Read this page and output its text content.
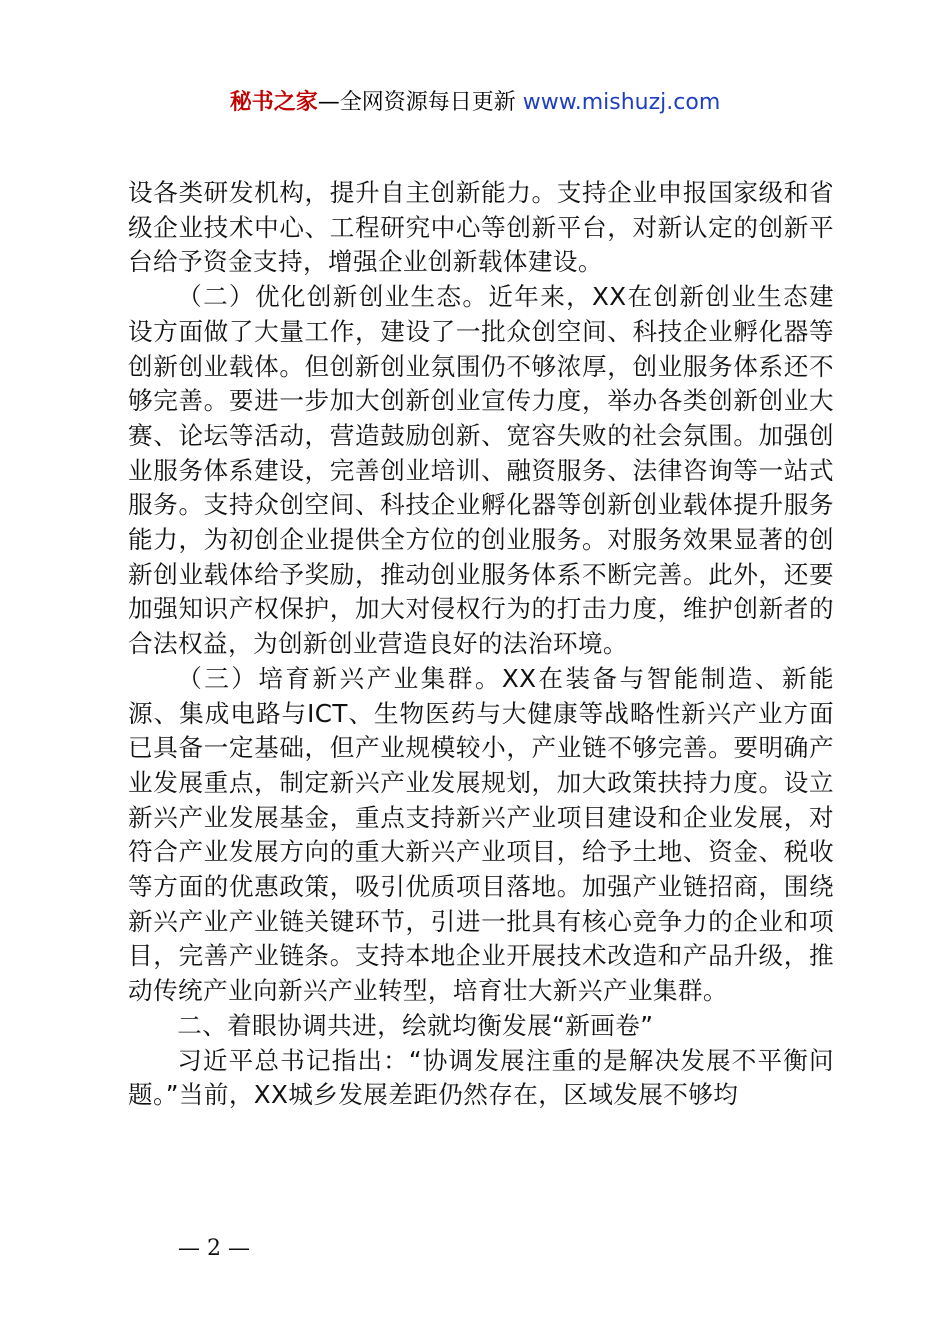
秘书之家—全网资源每日更新 www.mishuzj.com

设各类研发机构，提升自主创新能力。支持企业申报国家级和省级企业技术中心、工程研究中心等创新平台，对新认定的创新平台给予资金支持，增强企业创新载体建设。

（二）优化创新创业生态。近年来，XX在创新创业生态建设方面做了大量工作，建设了一批众创空间、科技企业孵化器等创新创业载体。但创新创业氛围仍不够浓厚，创业服务体系还不够完善。要进一步加大创新创业宣传力度，举办各类创新创业大赛、论坛等活动，营造鼓励创新、宽容失败的社会氛围。加强创业服务体系建设，完善创业培训、融资服务、法律咨询等一站式服务。支持众创空间、科技企业孵化器等创新创业载体提升服务能力，为初创企业提供全方位的创业服务。对服务效果显著的创新创业载体给予奖励，推动创业服务体系不断完善。此外，还要加强知识产权保护，加大对侵权行为的打击力度，维护创新者的合法权益，为创新创业营造良好的法治环境。

（三）培育新兴产业集群。XX在装备与智能制造、新能源、集成电路与ICT、生物医药与大健康等战略性新兴产业方面已具备一定基础，但产业规模较小，产业链不够完善。要明确产业发展重点，制定新兴产业发展规划，加大政策扶持力度。设立新兴产业发展基金，重点支持新兴产业项目建设和企业发展，对符合产业发展方向的重大新兴产业项目，给予土地、资金、税收等方面的优惠政策，吸引优质项目落地。加强产业链招商，围绕新兴产业产业链关键环节，引进一批具有核心竞争力的企业和项目，完善产业链条。支持本地企业开展技术改造和产品升级，推动传统产业向新兴产业转型，培育壮大新兴产业集群。

二、着眼协调共进，绘就均衡发展“新画卷”

习近平总书记指出：“协调发展注重的是解决发展不平衡问题。”当前，XX城乡发展差距仍然存在，区域发展不够均

— 2 —
